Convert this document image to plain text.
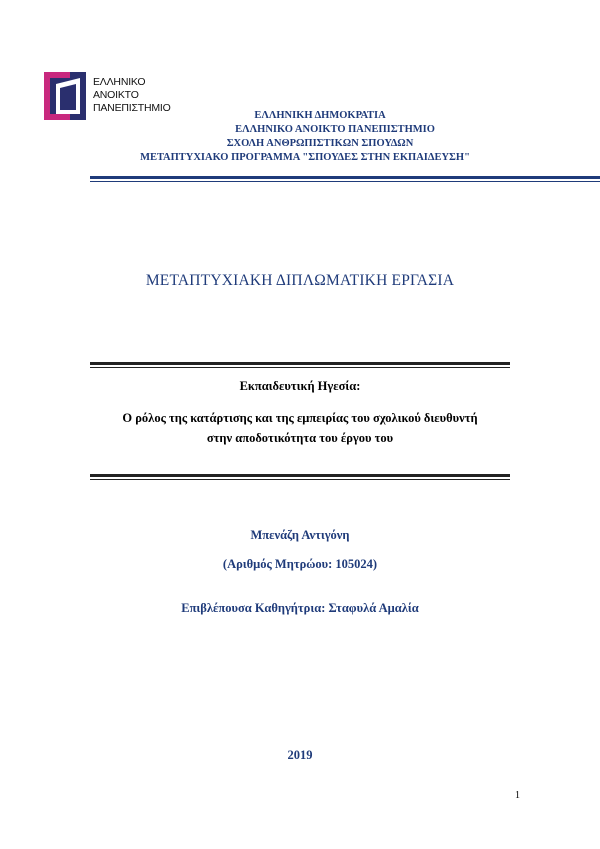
ΕΛΛΗΝΙΚΟ
ΑΝΟΙΚΤΟ
ΠΑΝΕΠΙΣΤΗΜΙΟ
ΕΛΛΗΝΙΚΗ ΔΗΜΟΚΡΑΤΙΑ
ΕΛΛΗΝΙΚΟ ΑΝΟΙΚΤΟ ΠΑΝΕΠΙΣΤΗΜΙΟ
ΣΧΟΛΗ ΑΝΘΡΩΠΙΣΤΙΚΩΝ ΣΠΟΥΔΩΝ
ΜΕΤΑΠΤΥΧΙΑΚΟ ΠΡΟΓΡΑΜΜΑ "ΣΠΟΥΔΕΣ ΣΤΗΝ ΕΚΠΑΙΔΕΥΣΗ"
ΜΕΤΑΠΤΥΧΙΑΚΗ ΔΙΠΛΩΜΑΤΙΚΗ ΕΡΓΑΣΙΑ
Εκπαιδευτική Ηγεσία:
Ο ρόλος της κατάρτισης και της εμπειρίας του σχολικού διευθυντή
στην αποδοτικότητα του έργου του
Μπενάζη Αντιγόνη
(Αριθμός Μητρώου: 105024)
Επιβλέπουσα Καθηγήτρια: Σταφυλά Αμαλία
2019
1
